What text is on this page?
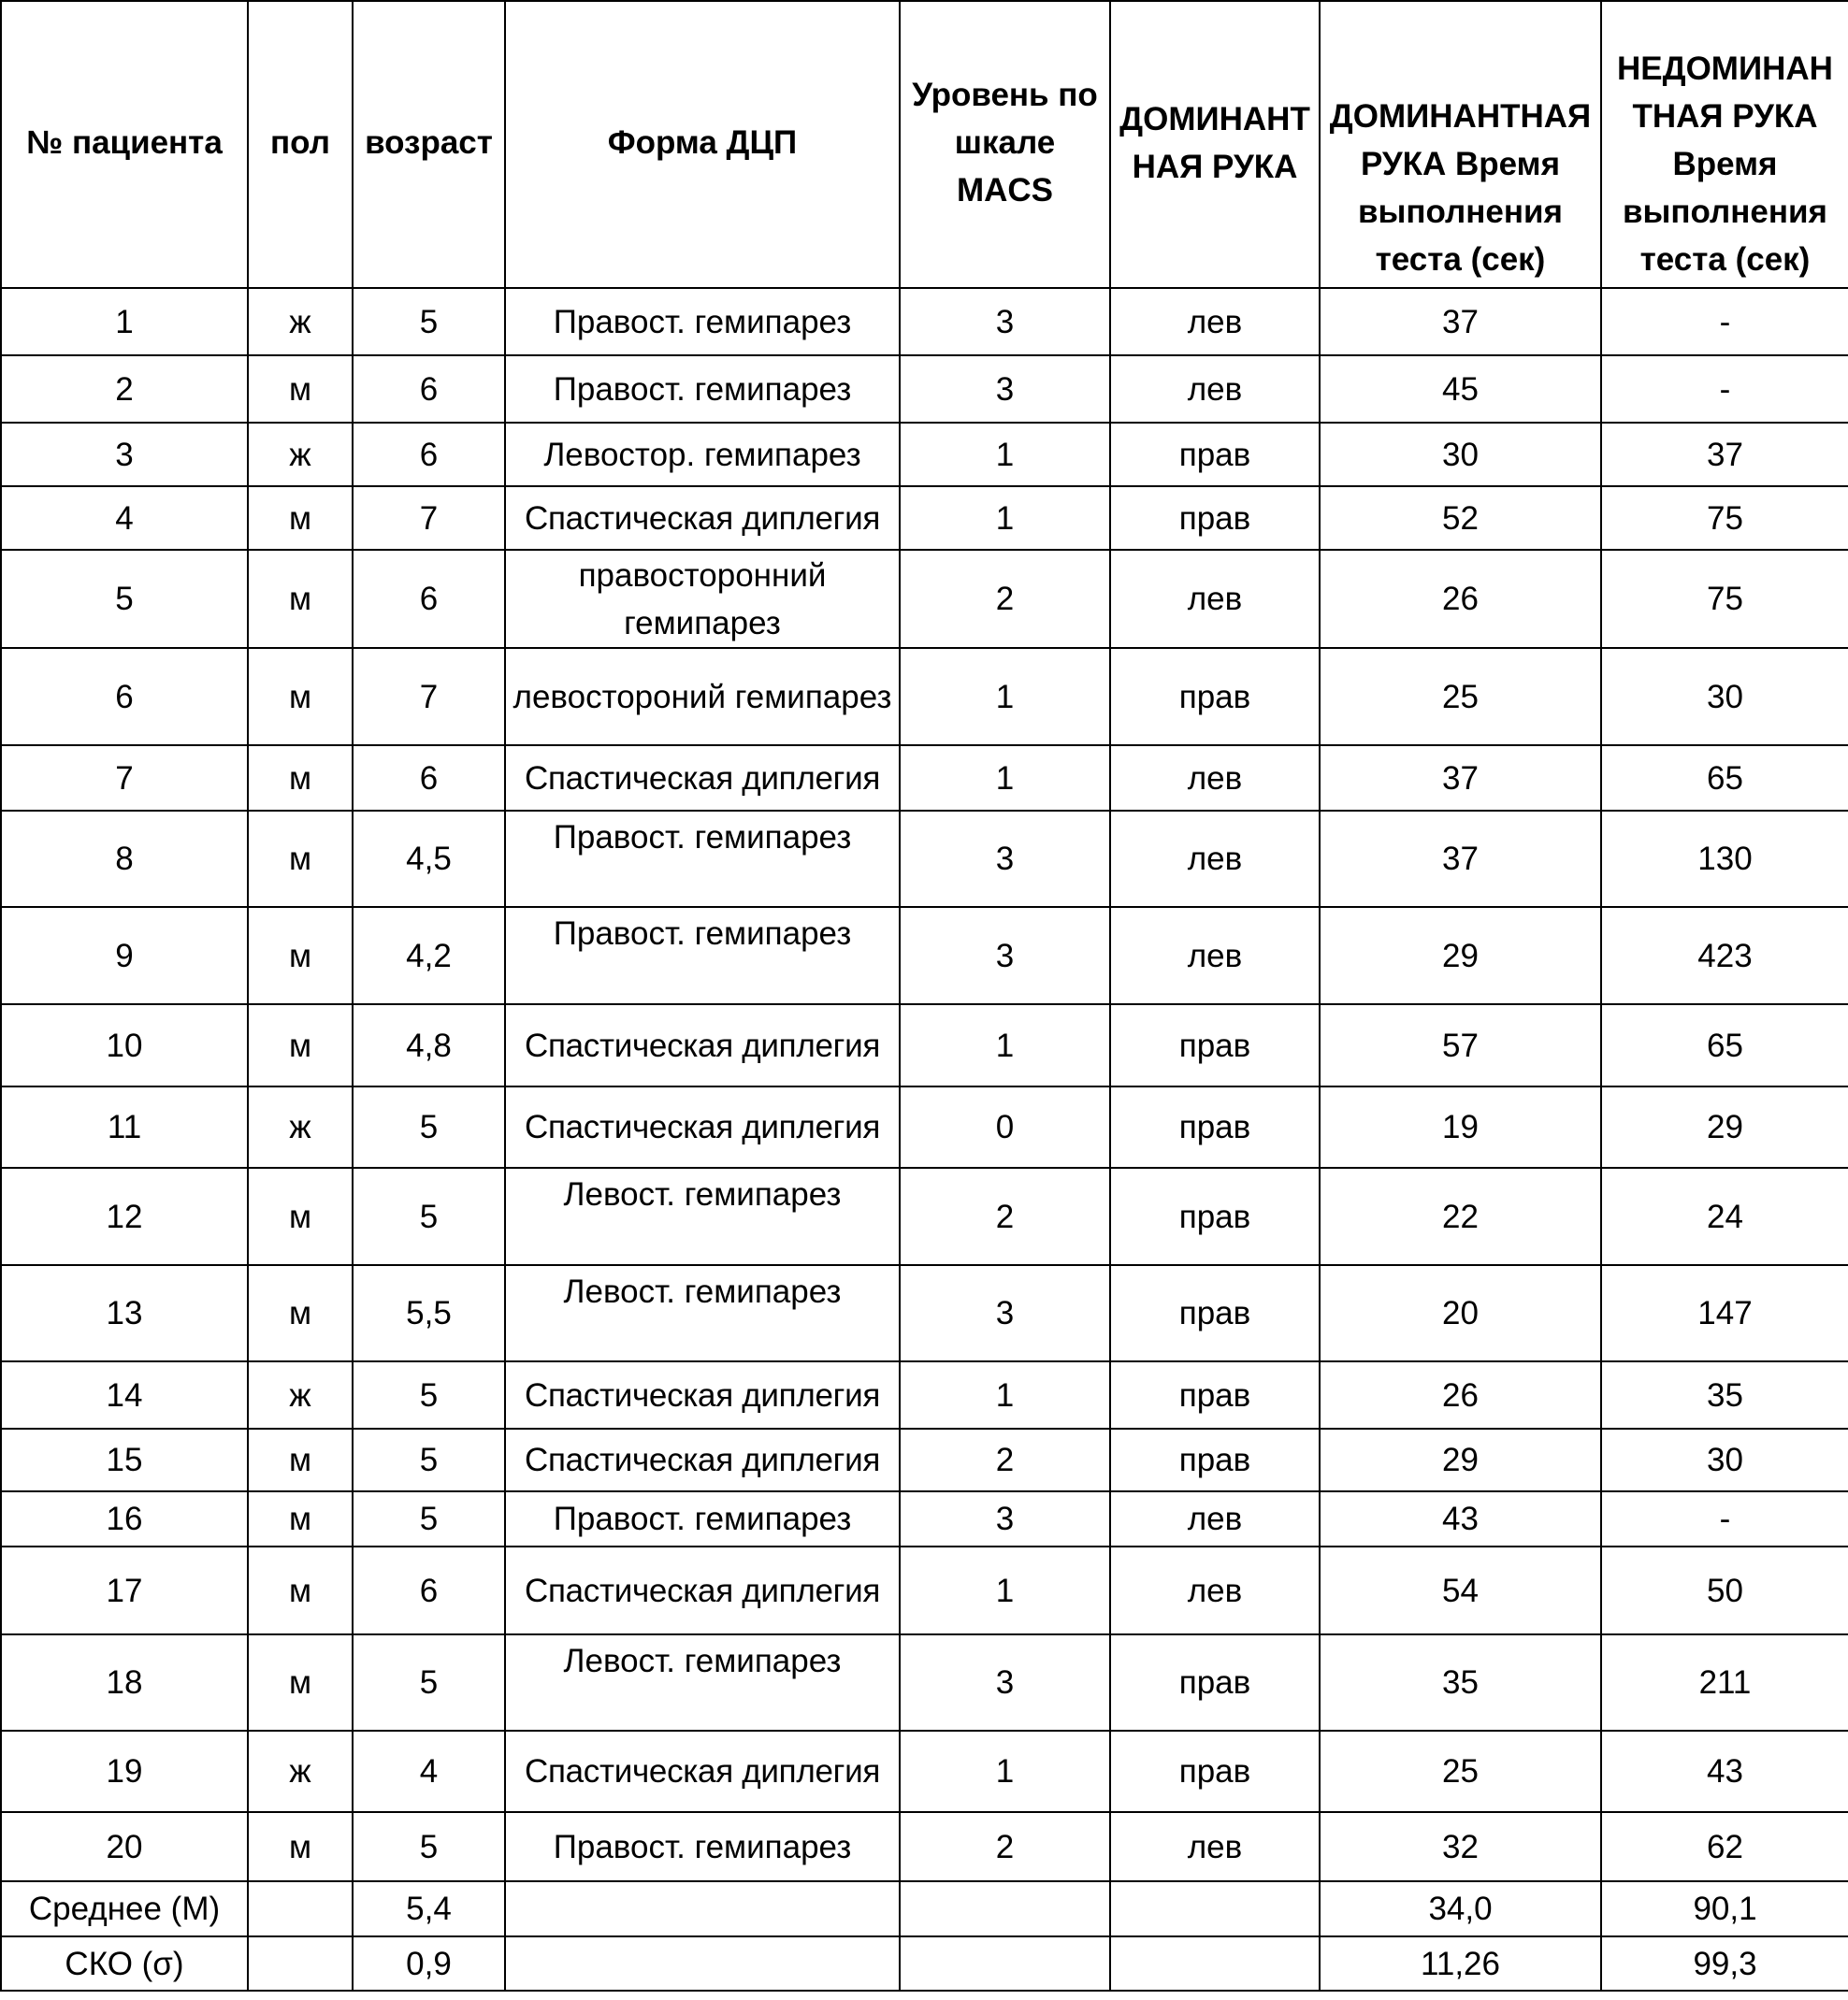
№ пациента	пол	возраст	Форма ДЦП	Уровень по шкале MACS	ДОМИНАНТ НАЯ РУКА	ДОМИНАНТНАЯ РУКА Время выполнения теста (сек)	НЕДОМИНАН ТНАЯ РУКА Время выполнения теста (сек)
1	ж	5	Правост. гемипарез	3	лев	37	-
2	м	6	Правост. гемипарез	3	лев	45	-
3	ж	6	Левостор. гемипарез	1	прав	30	37
4	м	7	Спастическая диплегия	1	прав	52	75
5	м	6	правосторонний гемипарез	2	лев	26	75
6	м	7	левостороний гемипарез	1	прав	25	30
7	м	6	Спастическая диплегия	1	лев	37	65
8	м	4,5	Правост. гемипарез	3	лев	37	130
9	м	4,2	Правост. гемипарез	3	лев	29	423
10	м	4,8	Спастическая диплегия	1	прав	57	65
11	ж	5	Спастическая диплегия	0	прав	19	29
12	м	5	Левост. гемипарез	2	прав	22	24
13	м	5,5	Левост. гемипарез	3	прав	20	147
14	ж	5	Спастическая диплегия	1	прав	26	35
15	м	5	Спастическая диплегия	2	прав	29	30
16	м	5	Правост. гемипарез	3	лев	43	-
17	м	6	Спастическая диплегия	1	лев	54	50
18	м	5	Левост. гемипарез	3	прав	35	211
19	ж	4	Спастическая диплегия	1	прав	25	43
20	м	5	Правост. гемипарез	2	лев	32	62
Среднее (М)		5,4				34,0	90,1
СКО (σ)		0,9				11,26	99,3
